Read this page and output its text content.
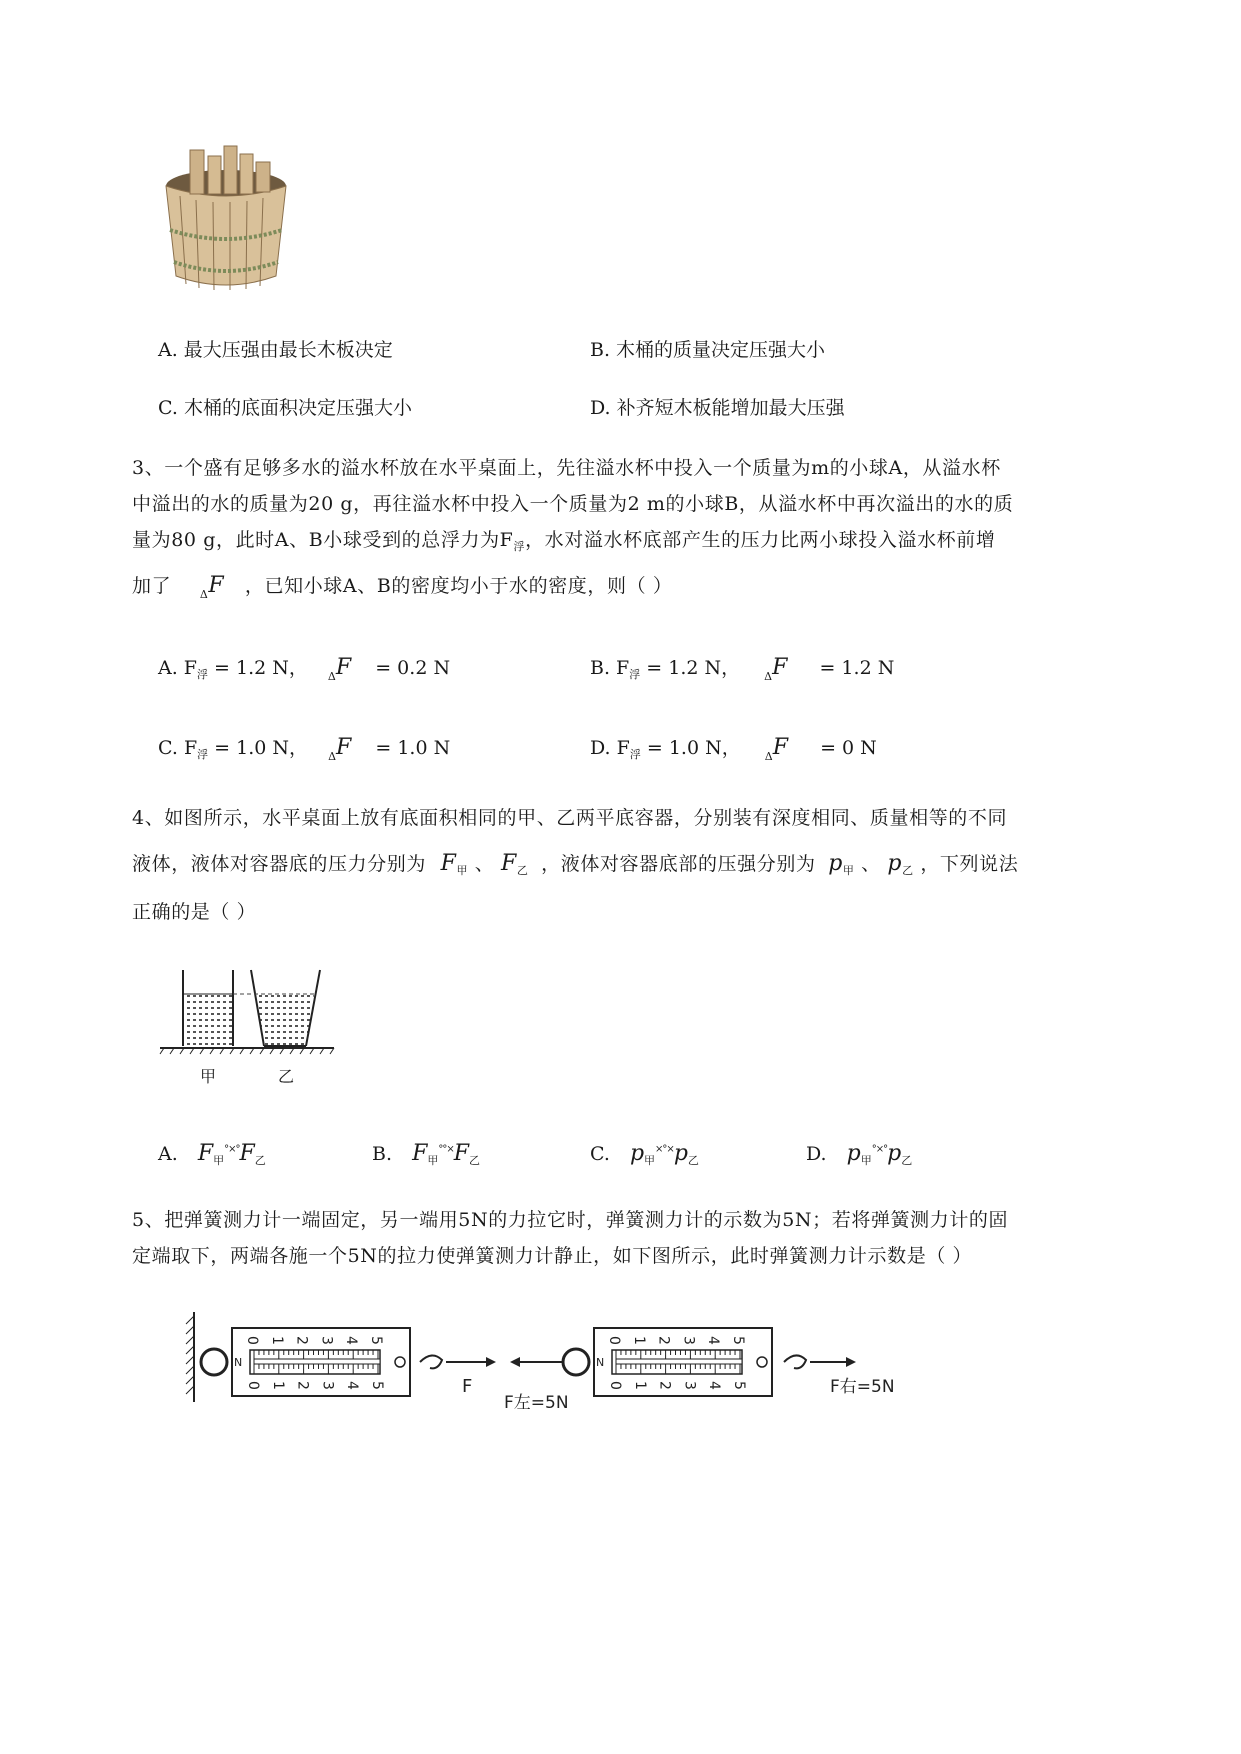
A. 最大压强由最长木板决定	B. 木桶的质量决定压强大小
C. 木桶的底面积决定压强大小	D. 补齐短木板能增加最大压强
3、一个盛有足够多水的溢水杯放在水平桌面上，先往溢水杯中投入一个质量为m的小球A，从溢水杯
中溢出的水的质量为20 g，再往溢水杯中投入一个质量为2 m的小球B，从溢水杯中再次溢出的水的质
量为80 g，此时A、B小球受到的总浮力为$F_浮$，水对溢水杯底部产生的压力比两小球投入溢水杯前增
加了	$_\Delta$F ，已知小球A、B的密度均小于水的密度，则（ ）
A. $F_浮 = 1.2$ N， $_\Delta$F  = 0.2 N	B. $F_浮 = 1.2$ N， $_\Delta$F  = 1.2 N
C. $F_浮 = 1.0$ N， $_\Delta$F  = 1.0 N	D. $F_浮 = 1.0$ N， $_\Delta$F  = 0 N
4、如图所示，水平桌面上放有底面积相同的甲、乙两平底容器，分别装有深度相同、质量相等的不同
液体，液体对容器底的压力分别为 $F_甲$ 、 $F_乙$ ，液体对容器底部的压强分别为 $p_甲$ 、 $p_乙$ ，下列说法
正确的是（ ）
甲	乙
A. $F_甲^{^\circ\times^\circ}F_乙$	B. $F_甲^{^\circ^\circ\times}F_乙$	C. $p_甲^{\times^\circ\times}p_乙$	D. $p_甲^{^\circ\times^\circ}p_乙$
5、把弹簧测力计一端固定，另一端用5N的力拉它时，弹簧测力计的示数为5N；若将弹簧测力计的固
定端取下，两端各施一个5N的拉力使弹簧测力计静止，如下图所示，此时弹簧测力计示数是（ ）
0
0
1
1
2
2
3
3
4
4
5
5
0
0
1
1
2
2
3
3
4
4
5
5
N	N
F
F左=5N
F右=5N
